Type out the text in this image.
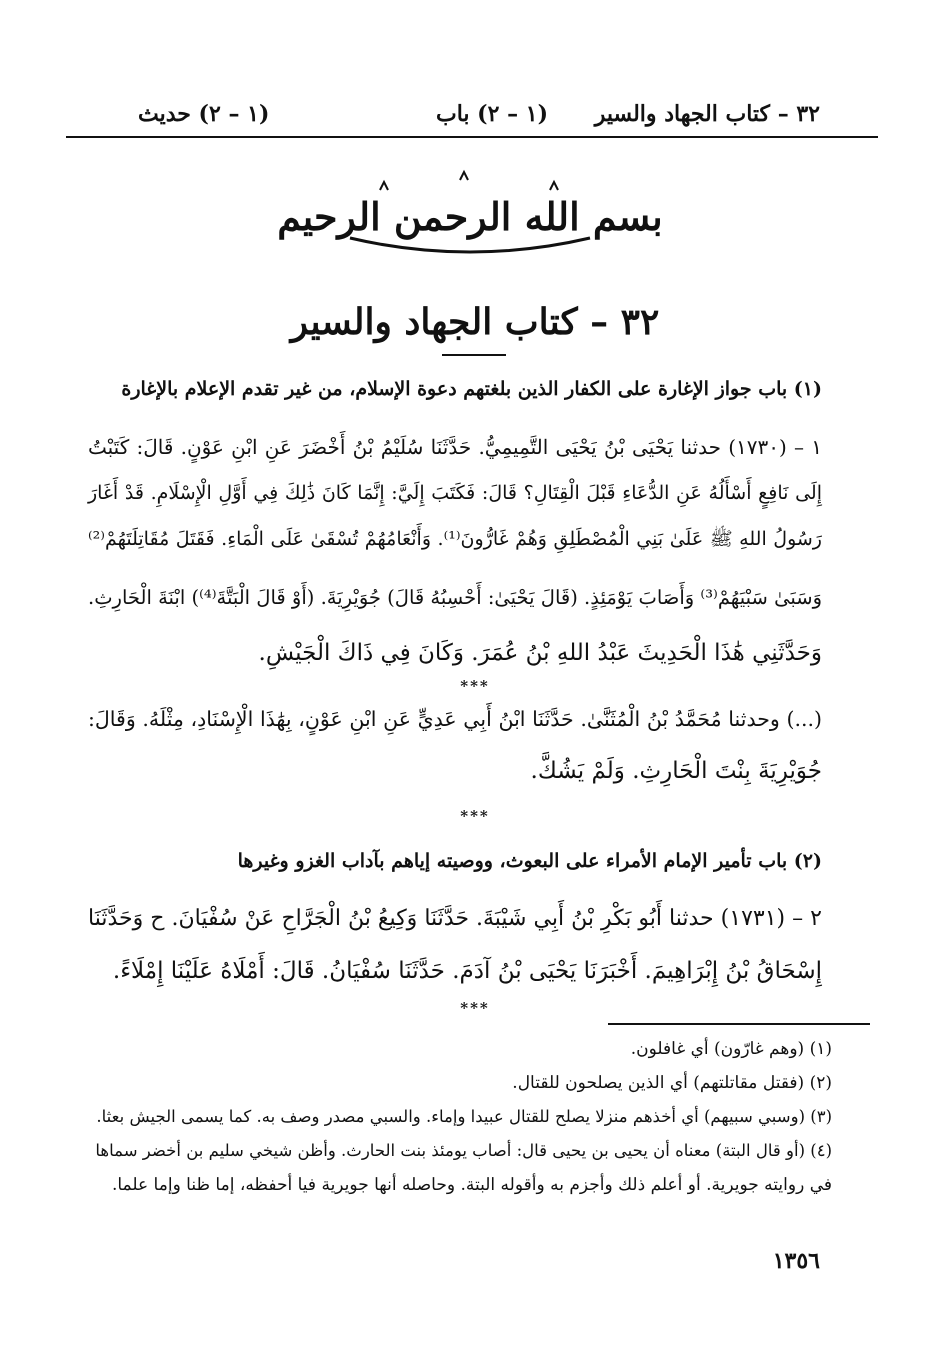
٣٢ – كتاب الجهاد والسير
(١ – ٢) باب
(١ – ٢) حديث
بسم الله الرحمن الرحيم
٣٢ – كتاب الجهاد والسير
(١) باب جواز الإغارة على الكفار الذين بلغتهم دعوة الإسلام، من غير تقدم الإعلام بالإغارة
١ – (١٧٣٠) حدثنا يَحْيَى بْنُ يَحْيَى التَّمِيمِيُّ. حَدَّثَنَا سُلَيْمُ بْنُ أَخْضَرَ عَنِ ابْنِ عَوْنٍ. قَالَ: كَتَبْتُ
إِلَى نَافِعٍ أَسْأَلُهُ عَنِ الدُّعَاءِ قَبْلَ الْقِتَالِ؟ قَالَ: فَكَتَبَ إِلَيَّ: إِنَّمَا كَانَ ذَٰلِكَ فِي أَوَّلِ الْإِسْلَامِ. قَدْ أَغَارَ
رَسُولُ اللهِ ﷺ عَلَىٰ بَنِي الْمُصْطَلِقِ وَهُمْ غَارُّونَ⁽¹⁾. وَأَنْعَامُهُمْ تُسْقَىٰ عَلَى الْمَاءِ. فَقَتَلَ مُقَاتِلَتَهُمْ⁽²⁾
وَسَبَىٰ سَبْيَهُمْ⁽³⁾ وَأَصَابَ يَوْمَئِذٍ. (قَالَ يَحْيَىٰ: أَحْسِبُهُ قَالَ) جُوَيْرِيَةَ. (أَوْ قَالَ الْبَتَّةَ⁽⁴⁾) ابْنَةَ الْحَارِثِ.
وَحَدَّثَنِي هَٰذَا الْحَدِيثَ عَبْدُ اللهِ بْنُ عُمَرَ. وَكَانَ فِي ذَاكَ الْجَيْشِ.
***
(...) وحدثنا مُحَمَّدُ بْنُ الْمُثَنَّىٰ. حَدَّثَنَا ابْنُ أَبِي عَدِيٍّ عَنِ ابْنِ عَوْنٍ، بِهَٰذَا الْإِسْنَادِ، مِثْلَهُ. وَقَالَ:
جُوَيْرِيَةَ بِنْتَ الْحَارِثِ. وَلَمْ يَشُكَّ.
***
(٢) باب تأمير الإمام الأمراء على البعوث، ووصيته إياهم بآداب الغزو وغيرها
٢ – (١٧٣١) حدثنا أَبُو بَكْرِ بْنُ أَبِي شَيْبَةَ. حَدَّثَنَا وَكِيعُ بْنُ الْجَرَّاحِ عَنْ سُفْيَانَ. ح وَحَدَّثَنَا
إِسْحَاقُ بْنُ إِبْرَاهِيمَ. أَخْبَرَنَا يَحْيَى بْنُ آدَمَ. حَدَّثَنَا سُفْيَانُ. قَالَ: أَمْلَاهُ عَلَيْنَا إِمْلَاءً.
***
(١) (وهم غارّون) أي غافلون.
(٢) (فقتل مقاتلتهم) أي الذين يصلحون للقتال.
(٣) (وسبي سبيهم) أي أخذهم منزلا يصلح للقتال عبيدا وإماء. والسبي مصدر وصف به. كما يسمى الجيش بعثا.
(٤) (أو قال البتة) معناه أن يحيى بن يحيى قال: أصاب يومئذ بنت الحارث. وأظن شيخي سليم بن أخضر سماها
في روايته جويرية. أو أعلم ذلك وأجزم به وأقوله البتة. وحاصله أنها جويرية فيا أحفظه، إما ظنا وإما علما.
١٣٥٦
